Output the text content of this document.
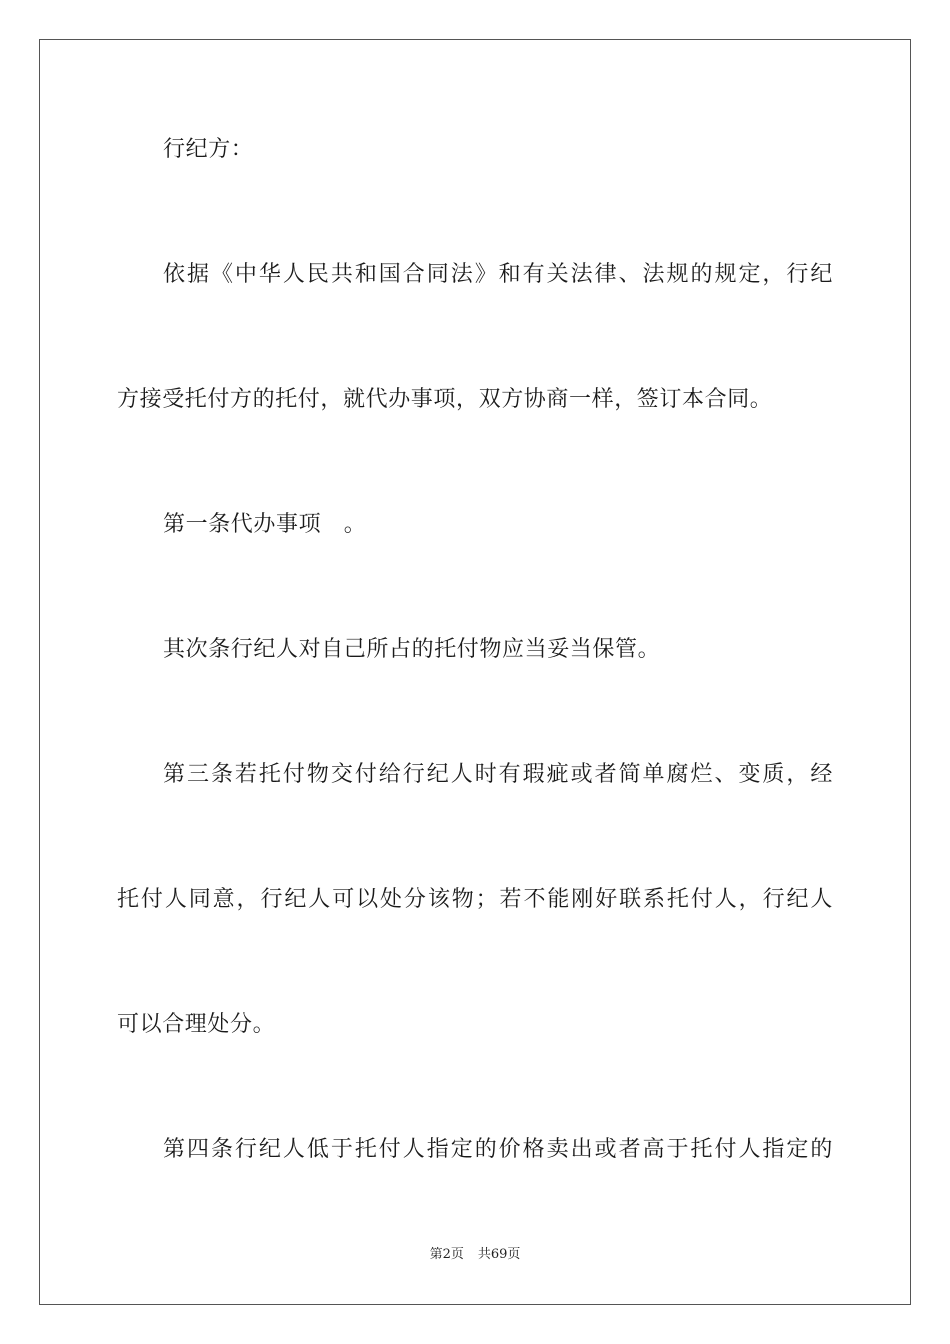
行纪方：
依据《中华人民共和国合同法》和有关法律、法规的规定，行纪
方接受托付方的托付，就代办事项，双方协商一样，签订本合同。
第一条代办事项　。
其次条行纪人对自己所占的托付物应当妥当保管。
第三条若托付物交付给行纪人时有瑕疵或者简单腐烂、变质，经
托付人同意，行纪人可以处分该物；若不能刚好联系托付人，行纪人
可以合理处分。
第四条行纪人低于托付人指定的价格卖出或者高于托付人指定的
第2页 共69页
